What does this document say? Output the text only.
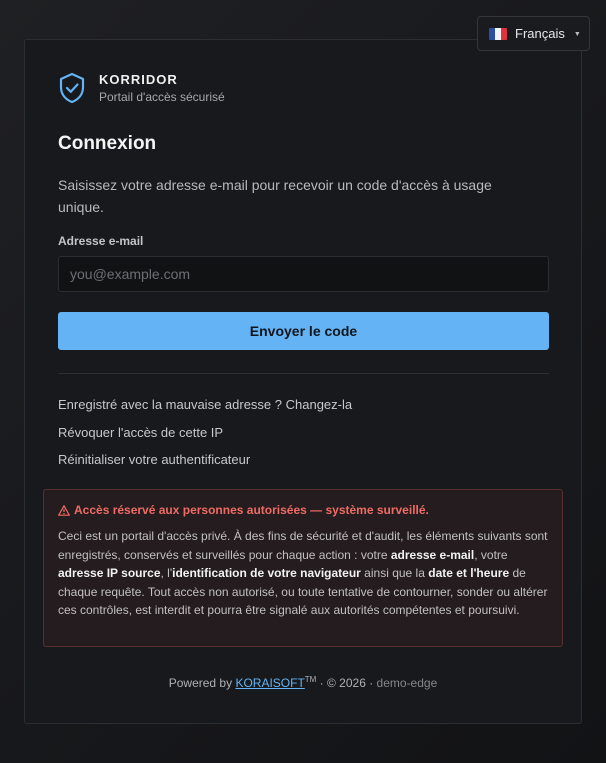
Français ▼
KORRIDOR
Portail d'accès sécurisé
Connexion

Saisissez votre adresse e-mail pour recevoir un code d'accès à usage unique.

Adresse e-mail
you@example.com
Envoyer le code
Enregistré avec la mauvaise adresse ? Changez-la
Révoquer l'accès de cette IP
Réinitialiser votre authentificateur
Accès réservé aux personnes autorisées — système surveillé.

Ceci est un portail d'accès privé. À des fins de sécurité et d'audit, les éléments suivants sont enregistrés, conservés et surveillés pour chaque action : votre adresse e-mail, votre adresse IP source, l'identification de votre navigateur ainsi que la date et l'heure de chaque requête. Tout accès non autorisé, ou toute tentative de contourner, sonder ou altérer ces contrôles, est interdit et pourra être signalé aux autorités compétentes et poursuivi.

Powered by KORAISOFT™ · © 2026 · demo-edge
